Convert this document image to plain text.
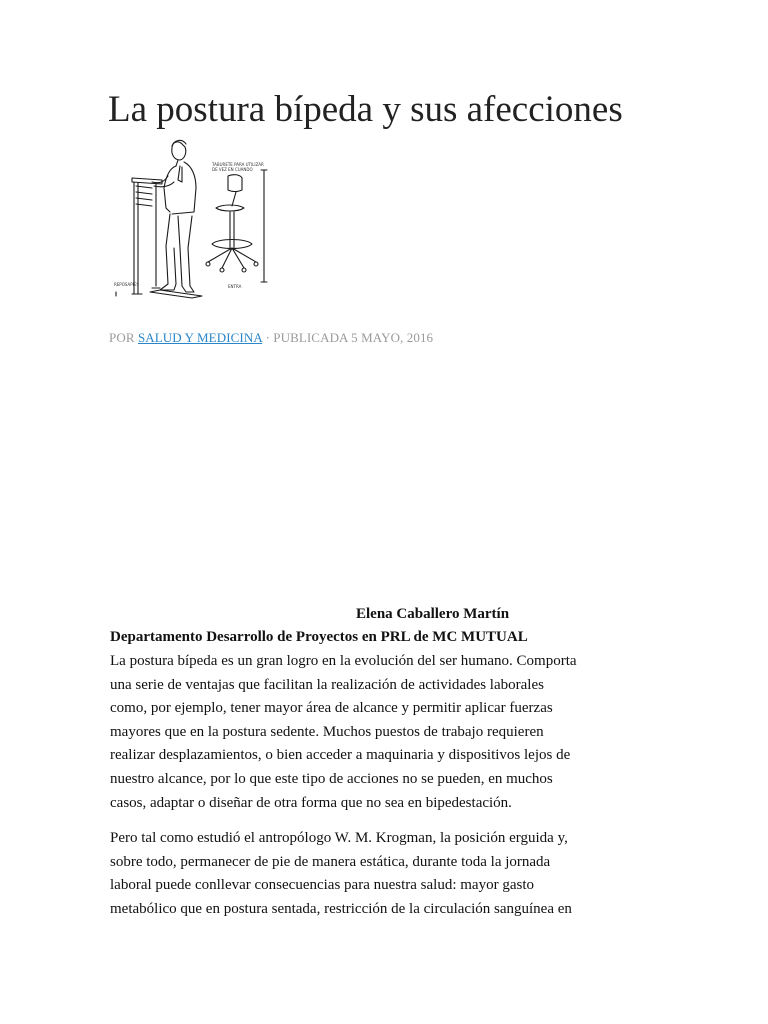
La postura bípeda y sus afecciones
TABURETE PARA UTILIZAR
DE VEZ EN CUANDO
REPOSAPIES	ENTRA
POR SALUD Y MEDICINA · PUBLICADA 5 MAYO, 2016
Elena Caballero Martín
Departamento Desarrollo de Proyectos en PRL de MC MUTUAL
La postura bípeda es un gran logro en la evolución del ser humano. Comporta
una serie de ventajas que facilitan la realización de actividades laborales
como, por ejemplo, tener mayor área de alcance y permitir aplicar fuerzas
mayores que en la postura sedente. Muchos puestos de trabajo requieren
realizar desplazamientos, o bien acceder a maquinaria y dispositivos lejos de
nuestro alcance, por lo que este tipo de acciones no se pueden, en muchos
casos, adaptar o diseñar de otra forma que no sea en bipedestación.
Pero tal como estudió el antropólogo W. M. Krogman, la posición erguida y,
sobre todo, permanecer de pie de manera estática, durante toda la jornada
laboral puede conllevar consecuencias para nuestra salud: mayor gasto
metabólico que en postura sentada, restricción de la circulación sanguínea en
